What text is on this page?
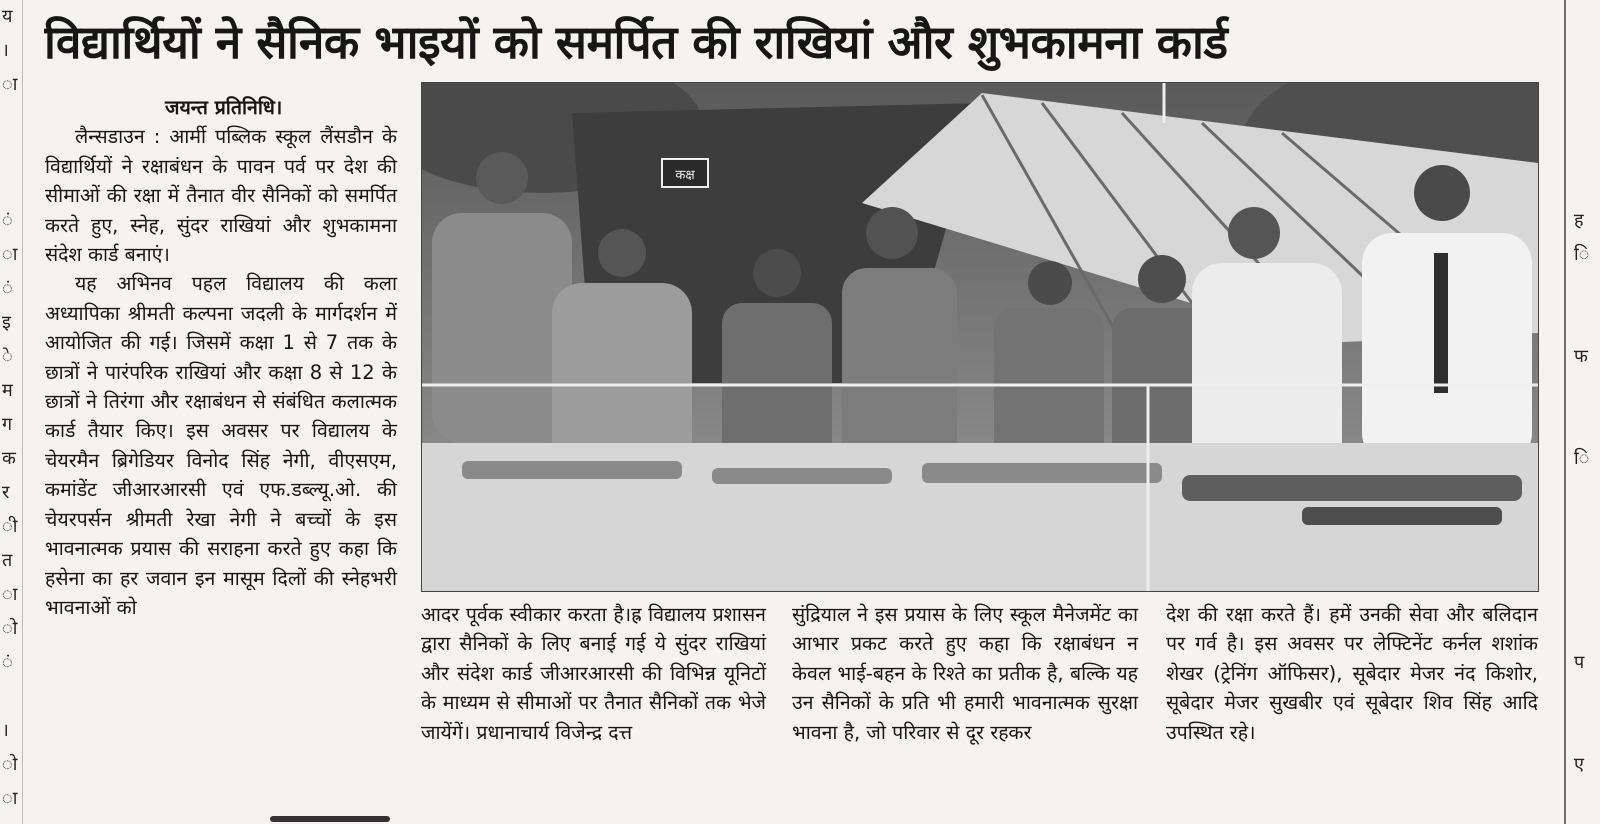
य
।
ा

ं
ा
ं
इ
े
म
ग
क
र
ी
त
ा
ो
ं

।
ो
ा

ह
ि

फ

ि

प

ए

विद्यार्थियों ने सैनिक भाइयों को समर्पित की राखियां और शुभकामना कार्ड

जयन्त प्रतिनिधि।

लैन्सडाउन : आर्मी पब्लिक स्कूल लैंसडौन के विद्यार्थियों ने रक्षाबंधन के पावन पर्व पर देश की सीमाओं की रक्षा में तैनात वीर सैनिकों को समर्पित करते हुए, स्नेह, सुंदर राखियां और शुभकामना संदेश कार्ड बनाएं।

यह अभिनव पहल विद्यालय की कला अध्यापिका श्रीमती कल्पना जदली के मार्गदर्शन में आयोजित की गई। जिसमें कक्षा 1 से 7 तक के छात्रों ने पारंपरिक राखियां और कक्षा 8 से 12 के छात्रों ने तिरंगा और रक्षाबंधन से संबंधित कलात्मक कार्ड तैयार किए। इस अवसर पर विद्यालय के चेयरमैन ब्रिगेडियर विनोद सिंह नेगी, वीएसएम, कमांडेंट जीआरआरसी एवं एफ.डब्ल्यू.ओ. की चेयरपर्सन श्रीमती रेखा नेगी ने बच्चों के इस भावनात्मक प्रयास की सराहना करते हुए कहा कि हसेना का हर जवान इन मासूम दिलों की स्नेहभरी भावनाओं को

कक्ष

आदर पूर्वक स्वीकार करता है।ह्र विद्यालय प्रशासन द्वारा सैनिकों के लिए बनाई गई ये सुंदर राखियां और संदेश कार्ड जीआरआरसी की विभिन्न यूनिटों के माध्यम से सीमाओं पर तैनात सैनिकों तक भेजे जायेंगें। प्रधानाचार्य विजेन्द्र दत्त

सुंद्रियाल ने इस प्रयास के लिए स्कूल मैनेजमेंट का आभार प्रकट करते हुए कहा कि रक्षाबंधन न केवल भाई-बहन के रिश्ते का प्रतीक है, बल्कि यह उन सैनिकों के प्रति भी हमारी भावनात्मक सुरक्षा भावना है, जो परिवार से दूर रहकर

देश की रक्षा करते हैं। हमें उनकी सेवा और बलिदान पर गर्व है। इस अवसर पर लेफ्टिनेंट कर्नल शशांक शेखर (ट्रेनिंग ऑफिसर), सूबेदार मेजर नंद किशोर, सूबेदार मेजर सुखबीर एवं सूबेदार शिव सिंह आदि उपस्थित रहे।
